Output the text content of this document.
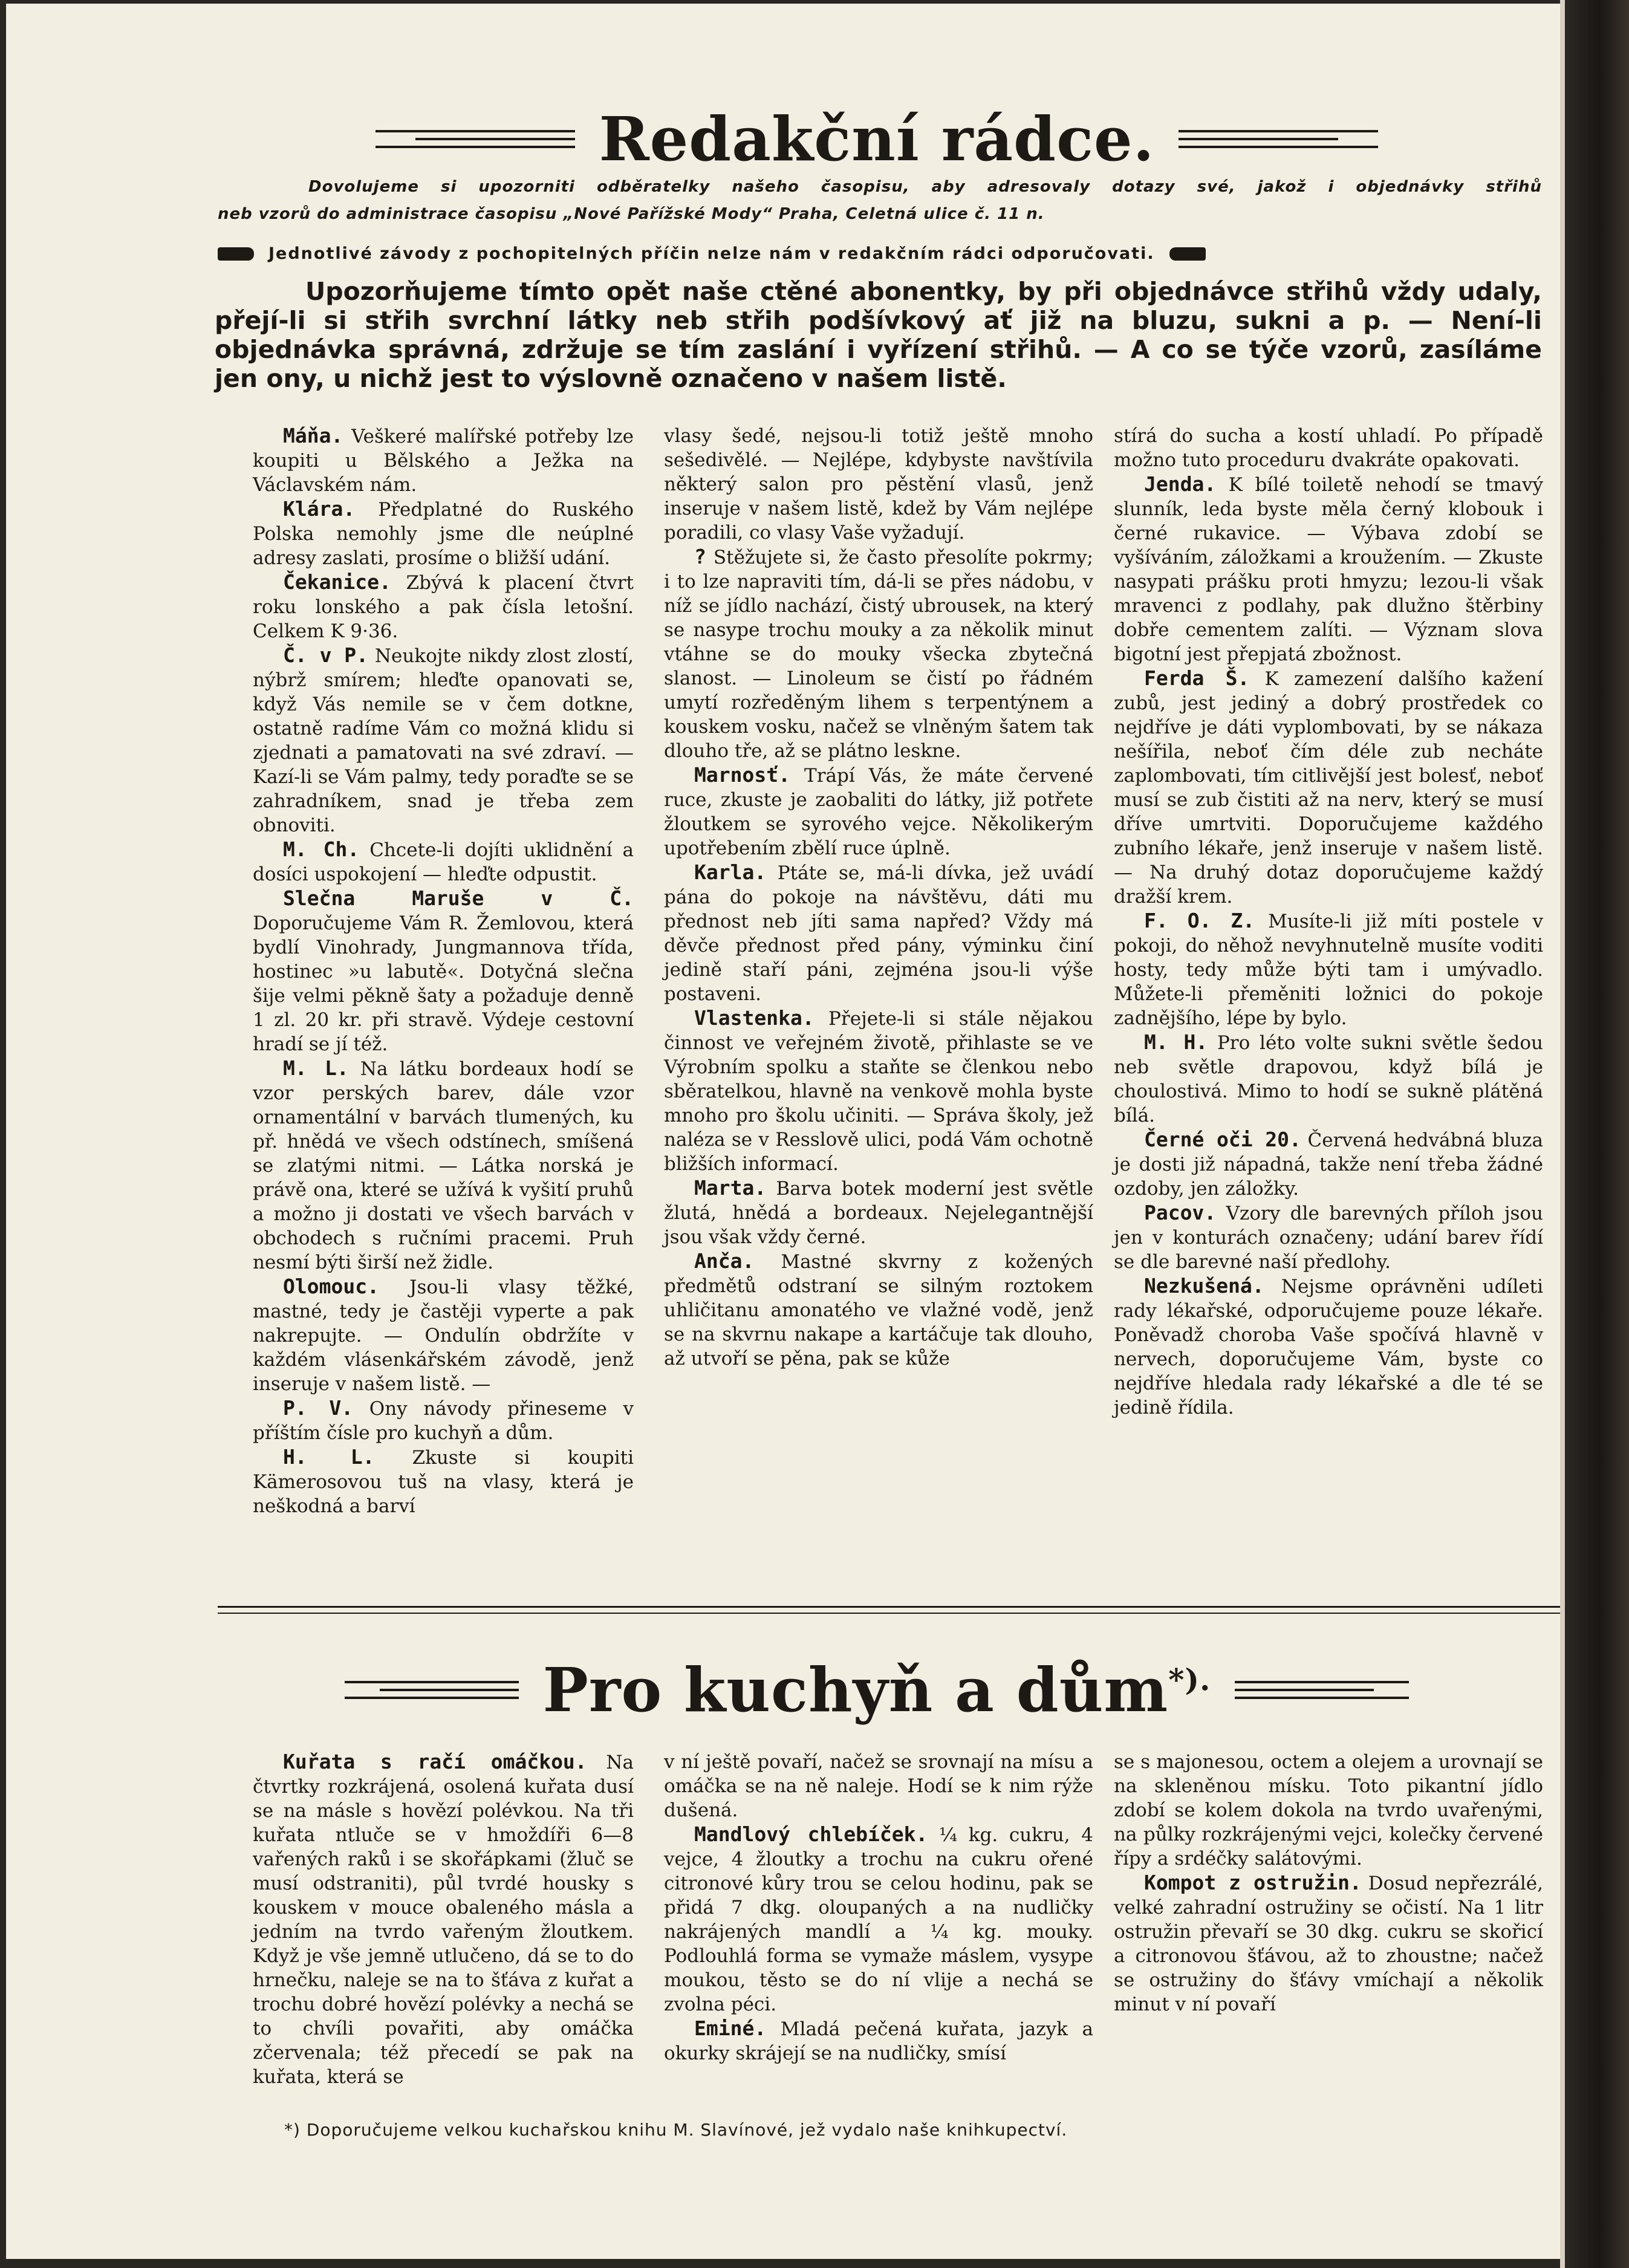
Redakční rádce.
Dovolujeme si upozorniti odběratelky našeho časopisu, aby adresovaly dotazy své, jakož i objednávky střihů
neb vzorů do administrace časopisu „Nové Pařížské Mody“ Praha, Celetná ulice č. 11 n.
Jednotlivé závody z pochopitelných příčin nelze nám v redakčním rádci odporučovati.
Upozorňujeme tímto opět naše ctěné abonentky, by při objednávce střihů vždy udaly, přejí-li si střih svrchní látky neb střih podšívkový ať již na bluzu, sukni a p. — Není-li objednávka správná, zdržuje se tím zaslání i vyřízení střihů. — A co se týče vzorů, zasíláme jen ony, u nichž jest to výslovně označeno v našem listě.

Máňa. Veškeré malířské potřeby lze koupiti u Bělského a Ježka na Václavském nám.

Klára. Předplatné do Ruského Polska nemohly jsme dle neúplné adresy zaslati, prosíme o bližší udání.

Čekanice. Zbývá k placení čtvrt roku lonského a pak čísla letošní. Celkem K 9·36.

Č. v P. Neukojte nikdy zlost zlostí, nýbrž smírem; hleďte opanovati se, když Vás nemile se v čem dotkne, ostatně radíme Vám co možná klidu si zjednati a pamatovati na své zdraví. — Kazí-li se Vám palmy, tedy poraďte se se zahradníkem, snad je třeba zem obnoviti.

M. Ch. Chcete-li dojíti uklidnění a dosíci uspokojení — hleďte odpustit.

Slečna Maruše v Č. Doporučujeme Vám R. Žemlovou, která bydlí Vinohrady, Jungmannova třída, hostinec »u labutě«. Dotyčná slečna šije velmi pěkně šaty a požaduje denně 1 zl. 20 kr. při stravě. Výdeje cestovní hradí se jí též.

M. L. Na látku bordeaux hodí se vzor perských barev, dále vzor ornamentální v barvách tlumených, ku př. hnědá ve všech odstínech, smíšená se zlatými nitmi. — Látka norská je právě ona, které se užívá k vyšití pruhů a možno ji dostati ve všech barvách v obchodech s ručními pracemi. Pruh nesmí býti širší než židle.

Olomouc. Jsou-li vlasy těžké, mastné, tedy je častěji vyperte a pak nakrepujte. — Ondulín obdržíte v každém vlásenkářském závodě, jenž inseruje v našem listě. —

P. V. Ony návody přineseme v příštím čísle pro kuchyň a dům.

H. L. Zkuste si koupiti Kämerosovou tuš na vlasy, která je neškodná a barví

vlasy šedé, nejsou-li totiž ještě mnoho sešedivělé. — Nejlépe, kdybyste navštívila některý salon pro pěstění vlasů, jenž inseruje v našem listě, kdež by Vám nejlépe poradili, co vlasy Vaše vyžadují.

? Stěžujete si, že často přesolíte pokrmy; i to lze napraviti tím, dá-li se přes nádobu, v níž se jídlo nachází, čistý ubrousek, na který se nasype trochu mouky a za několik minut vtáhne se do mouky všecka zbytečná slanost. — Linoleum se čistí po řádném umytí rozředěným lihem s terpentýnem a kouskem vosku, načež se vlněným šatem tak dlouho tře, až se plátno leskne.

Marnosť. Trápí Vás, že máte červené ruce, zkuste je zaobaliti do látky, již potřete žloutkem se syrového vejce. Několikerým upotřebením zbělí ruce úplně.

Karla. Ptáte se, má-li dívka, jež uvádí pána do pokoje na návštěvu, dáti mu přednost neb jíti sama napřed? Vždy má děvče přednost před pány, výminku činí jedině staří páni, zejména jsou-li výše postaveni.

Vlastenka. Přejete-li si stále nějakou činnost ve veřejném životě, přihlaste se ve Výrobním spolku a staňte se členkou nebo sběratelkou, hlavně na venkově mohla byste mnoho pro školu učiniti. — Správa školy, jež naléza se v Resslově ulici, podá Vám ochotně bližších informací.

Marta. Barva botek moderní jest světle žlutá, hnědá a bordeaux. Nejelegantnější jsou však vždy černé.

Anča. Mastné skvrny z kožených předmětů odstraní se silným roztokem uhličitanu amonatého ve vlažné vodě, jenž se na skvrnu nakape a kartáčuje tak dlouho, až utvoří se pěna, pak se kůže

stírá do sucha a kostí uhladí. Po případě možno tuto proceduru dvakráte opakovati.

Jenda. K bílé toiletě nehodí se tmavý slunník, leda byste měla černý klobouk i černé rukavice. — Výbava zdobí se vyšíváním, záložkami a kroužením. — Zkuste nasypati prášku proti hmyzu; lezou-li však mravenci z podlahy, pak dlužno štěrbiny dobře cementem zalíti. — Význam slova bigotní jest přepjatá zbožnost.

Ferda Š. K zamezení dalšího kažení zubů, jest jediný a dobrý prostředek co nejdříve je dáti vyplombovati, by se nákaza nešířila, neboť čím déle zub necháte zaplombovati, tím citlivější jest bolesť, neboť musí se zub čistiti až na nerv, který se musí dříve umrtviti. Doporučujeme každého zubního lékaře, jenž inseruje v našem listě. — Na druhý dotaz doporučujeme každý dražší krem.

F. O. Z. Musíte-li již míti postele v pokoji, do něhož nevyhnutelně musíte voditi hosty, tedy může býti tam i umývadlo. Můžete-li přeměniti ložnici do pokoje zadnějšího, lépe by bylo.

M. H. Pro léto volte sukni světle šedou neb světle drapovou, když bílá je choulostivá. Mimo to hodí se sukně plátěná bílá.

Černé oči 20. Červená hedvábná bluza je dosti již nápadná, takže není třeba žádné ozdoby, jen záložky.

Pacov. Vzory dle barevných příloh jsou jen v konturách označeny; udání barev řídí se dle barevné naší předlohy.

Nezkušená. Nejsme oprávněni udíleti rady lékařské, odporučujeme pouze lékaře. Poněvadž choroba Vaše spočívá hlavně v nervech, doporučujeme Vám, byste co nejdříve hledala rady lékařské a dle té se jedině řídila.

Pro kuchyň a dům*).

Kuřata s račí omáčkou. Na čtvrtky rozkrájená, osolená kuřata dusí se na másle s hovězí polévkou. Na tři kuřata ntluče se v hmoždíři 6—8 vařených raků i se skořápkami (žluč se musí odstraniti), půl tvrdé housky s kouskem v mouce obaleného másla a jedním na tvrdo vařeným žloutkem. Když je vše jemně utlučeno, dá se to do hrnečku, naleje se na to šťáva z kuřat a trochu dobré hovězí polévky a nechá se to chvíli povařiti, aby omáčka zčervenala; též přecedí se pak na kuřata, která se

v ní ještě povaří, načež se srovnají na mísu a omáčka se na ně naleje. Hodí se k nim rýže dušená.

Mandlový chlebíček. ¼ kg. cukru, 4 vejce, 4 žloutky a trochu na cukru ořené citronové kůry trou se celou hodinu, pak se přidá 7 dkg. oloupaných a na nudličky nakrájených mandlí a ¼ kg. mouky. Podlouhlá forma se vymaže máslem, vysype moukou, těsto se do ní vlije a nechá se zvolna péci.

Eminé. Mladá pečená kuřata, jazyk a okurky skrájejí se na nudličky, smísí

se s majonesou, octem a olejem a urovnají se na skleněnou mísku. Toto pikantní jídlo zdobí se kolem dokola na tvrdo uvařenými, na půlky rozkrájenými vejci, kolečky červené řípy a srdéčky salátovými.

Kompot z ostružin. Dosud nepřezrálé, velké zahradní ostružiny se očistí. Na 1 litr ostružin převaří se 30 dkg. cukru se skořicí a citronovou šťávou, až to zhoustne; načež se ostružiny do šťávy vmíchají a několik minut v ní povaří

*) Doporučujeme velkou kuchařskou knihu M. Slavínové, jež vydalo naše knihkupectví.
